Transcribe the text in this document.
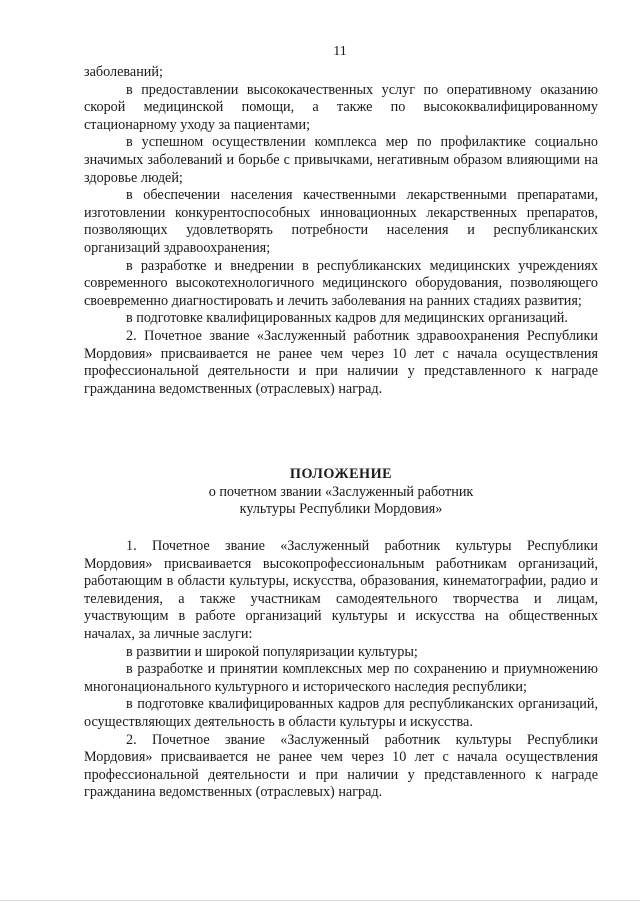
11

заболеваний;

в предоставлении высококачественных услуг по оперативному оказанию скорой медицинской помощи, а также по высококвалифицированному стационарному уходу за пациентами;

в успешном осуществлении комплекса мер по профилактике социально значимых заболеваний и борьбе с привычками, негативным образом влияющими на здоровье людей;

в обеспечении населения качественными лекарственными препаратами, изготовлении конкурентоспособных инновационных лекарственных препаратов, позволяющих удовлетворять потребности населения и республиканских организаций здравоохранения;

в разработке и внедрении в республиканских медицинских учреждениях современного высокотехнологичного медицинского оборудования, позволяющего своевременно диагностировать и лечить заболевания на ранних стадиях развития;

в подготовке квалифицированных кадров для медицинских организаций.

2. Почетное звание «Заслуженный работник здравоохранения Республики Мордовия» присваивается не ранее чем через 10 лет с начала осуществления профессиональной деятельности и при наличии у представленного к награде гражданина ведомственных (отраслевых) наград.

ПОЛОЖЕНИЕ
о почетном звании «Заслуженный работник
культуры Республики Мордовия»

1. Почетное звание «Заслуженный работник культуры Республики Мордовия» присваивается высокопрофессиональным работникам организаций, работающим в области культуры, искусства, образования, кинематографии, радио и телевидения, а также участникам самодеятельного творчества и лицам, участвующим в работе организаций культуры и искусства на общественных началах, за личные заслуги:

в развитии и широкой популяризации культуры;

в разработке и принятии комплексных мер по сохранению и приумножению многонационального культурного и исторического наследия республики;

в подготовке квалифицированных кадров для республиканских организаций, осуществляющих деятельность в области культуры и искусства.

2. Почетное звание «Заслуженный работник культуры Республики Мордовия» присваивается не ранее чем через 10 лет с начала осуществления профессиональной деятельности и при наличии у представленного к награде гражданина ведомственных (отраслевых) наград.
